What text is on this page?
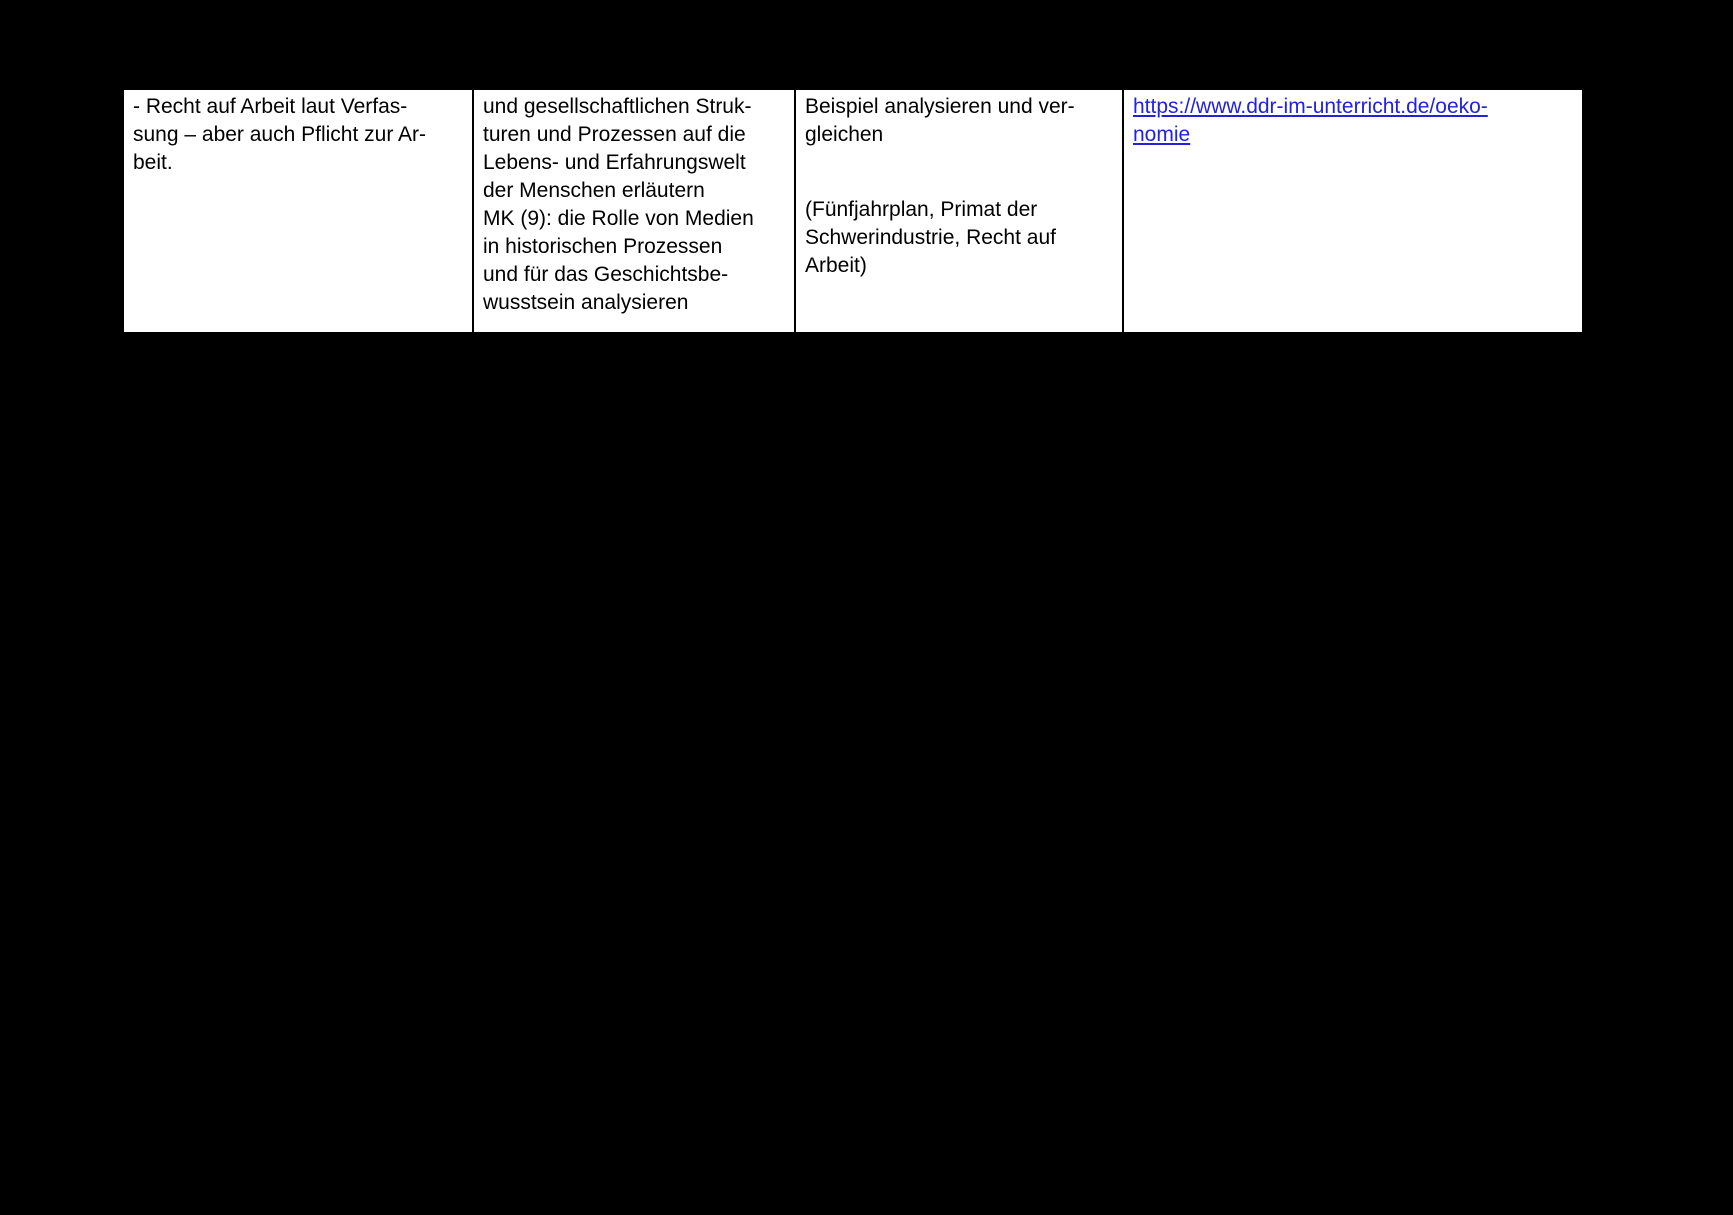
- Recht auf Arbeit laut Verfas-
sung – aber auch Pflicht zur Ar-
beit.
und gesellschaftlichen Struk-
turen und Prozessen auf die
Lebens- und Erfahrungswelt
der Menschen erläutern
MK (9): die Rolle von Medien
in historischen Prozessen
und für das Geschichtsbe-
wusstsein analysieren
Beispiel analysieren und ver-
gleichen
(Fünfjahrplan, Primat der
Schwerindustrie, Recht auf
Arbeit)
https://www.ddr-im-unterricht.de/oeko-
nomie
